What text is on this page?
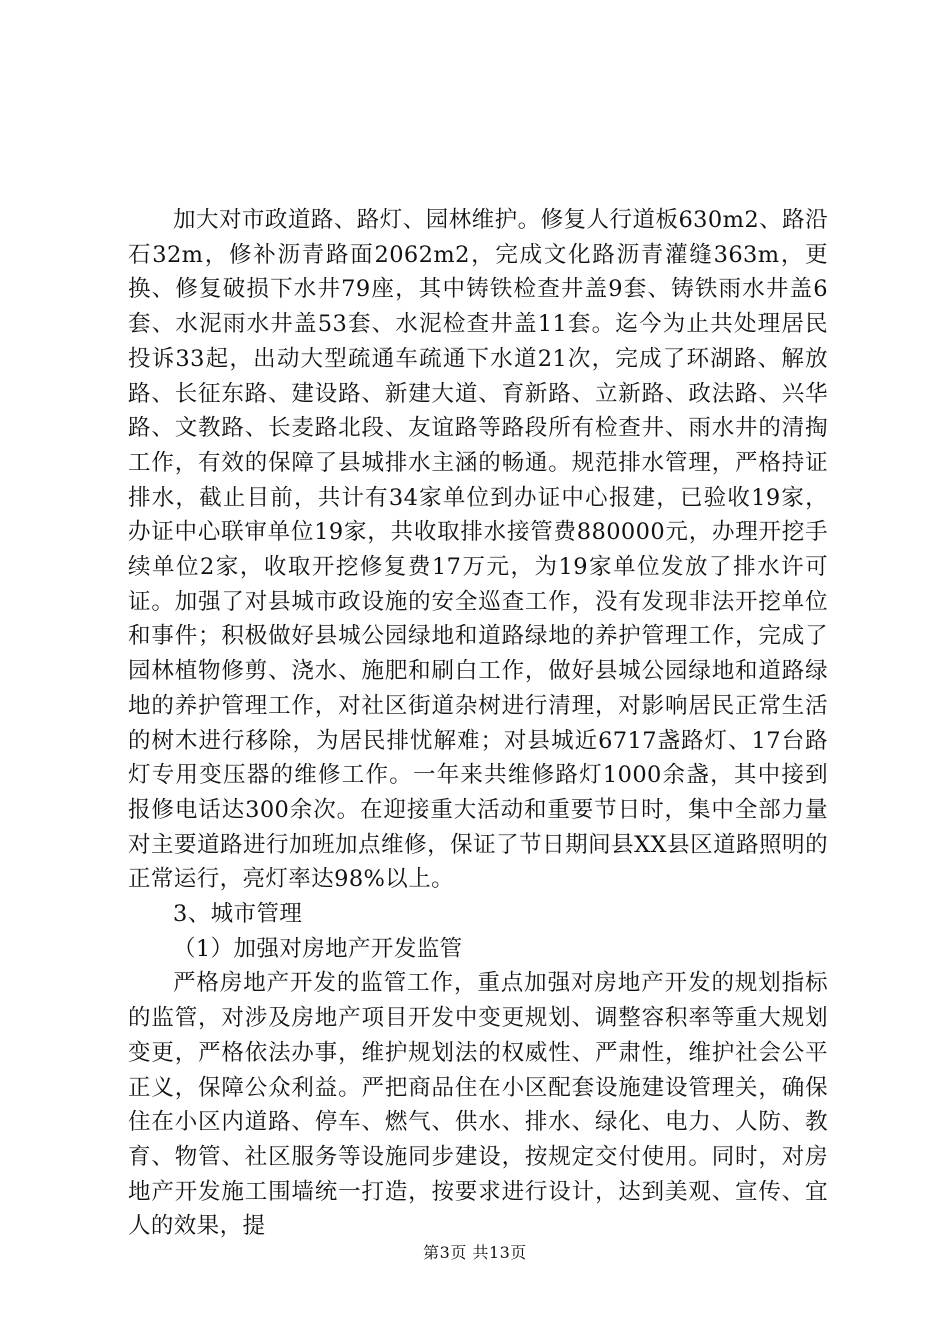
加大对市政道路、路灯、园林维护。修复人行道板630m2、路沿石32m，修补沥青路面2062m2，完成文化路沥青灌缝363m，更换、修复破损下水井79座，其中铸铁检查井盖9套、铸铁雨水井盖6套、水泥雨水井盖53套、水泥检查井盖11套。迄今为止共处理居民投诉33起，出动大型疏通车疏通下水道21次，完成了环湖路、解放路、长征东路、建设路、新建大道、育新路、立新路、政法路、兴华路、文教路、长麦路北段、友谊路等路段所有检查井、雨水井的清掏工作，有效的保障了县城排水主涵的畅通。规范排水管理，严格持证排水，截止目前，共计有34家单位到办证中心报建，已验收19家，办证中心联审单位19家，共收取排水接管费880000元，办理开挖手续单位2家，收取开挖修复费17万元，为19家单位发放了排水许可证。加强了对县城市政设施的安全巡查工作，没有发现非法开挖单位和事件；积极做好县城公园绿地和道路绿地的养护管理工作，完成了园林植物修剪、浇水、施肥和刷白工作，做好县城公园绿地和道路绿地的养护管理工作，对社区街道杂树进行清理，对影响居民正常生活的树木进行移除，为居民排忧解难；对县城近6717盏路灯、17台路灯专用变压器的维修工作。一年来共维修路灯1000余盏，其中接到报修电话达300余次。在迎接重大活动和重要节日时，集中全部力量对主要道路进行加班加点维修，保证了节日期间县XX县区道路照明的正常运行，亮灯率达98%以上。

3、城市管理

（1）加强对房地产开发监管

严格房地产开发的监管工作，重点加强对房地产开发的规划指标的监管，对涉及房地产项目开发中变更规划、调整容积率等重大规划变更，严格依法办事，维护规划法的权威性、严肃性，维护社会公平正义，保障公众利益。严把商品住在小区配套设施建设管理关，确保住在小区内道路、停车、燃气、供水、排水、绿化、电力、人防、教育、物管、社区服务等设施同步建设，按规定交付使用。同时，对房地产开发施工围墙统一打造，按要求进行设计，达到美观、宣传、宜人的效果，提

第3页 共13页
